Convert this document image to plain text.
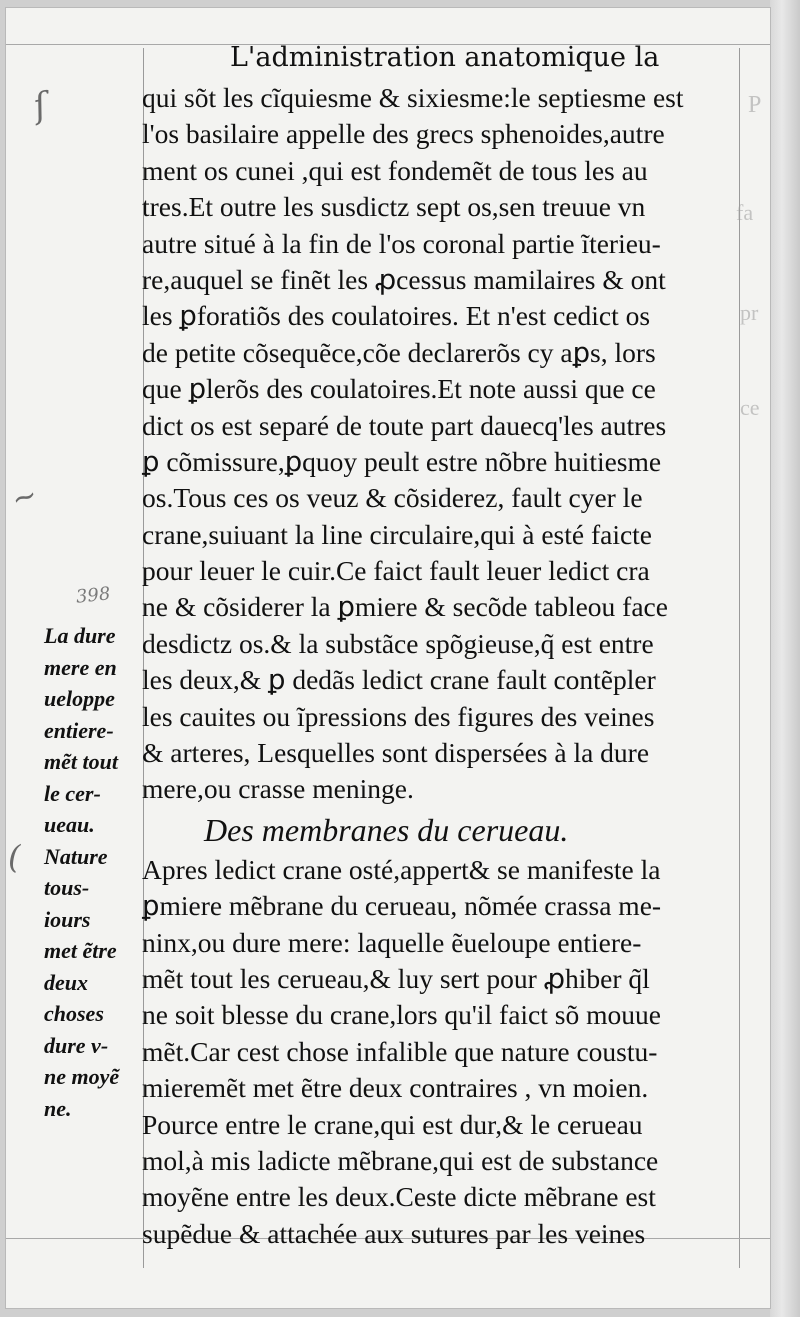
P
fa
pr
ce
ſ
~
(
398
L'administration anatomique la
qui sõt les cĩquiesme & sixiesme:le septiesme est
l'os basilaire appelle des grecs sphenoides,autre
ment os cunei ,qui est fondemẽt de tous les au
tres.Et outre les susdictz sept os,sen treuue vn
autre situé à la fin de l'os coronal partie ĩterieu-
re,auquel se finẽt les ꝓcessus mamilaires & ont
les ꝑforatiõs des coulatoires. Et n'est cedict os
de petite cõsequẽce,cõe declarerõs cy aꝑs, lors
que ꝑlerõs des coulatoires.Et note aussi que ce
dict os est separé de toute part dauecq'les autres
ꝑ cõmissure,ꝑquoy peult estre nõbre huitiesme
os.Tous ces os veuz & cõsiderez, fault cyer le
crane,suiuant la line circulaire,qui à esté faicte
pour leuer le cuir.Ce faict fault leuer ledict cra
ne & cõsiderer la ꝑmiere & secõde tableou face
desdictz os.& la substãce spõgieuse,q̃ est entre
les deux,& ꝑ dedãs ledict crane fault contẽpler
les cauites ou ĩpressions des figures des veines
& arteres, Lesquelles sont dispersées à la dure
mere,ou crasse meninge.
Des membranes du cerueau.
Apres ledict crane osté,appert& se manifeste la
ꝑmiere mẽbrane du cerueau, nõmée crassa me-
ninx,ou dure mere: laquelle ẽueloupe entiere-
mẽt tout les cerueau,& luy sert pour ꝓhiber q̃l
ne soit blesse du crane,lors qu'il faict sõ mouue
mẽt.Car cest chose infalible que nature coustu-
mieremẽt met ẽtre deux contraires , vn moien.
Pource entre le crane,qui est dur,& le cerueau
mol,à mis ladicte mẽbrane,qui est de substance
moyẽne entre les deux.Ceste dicte mẽbrane est
supẽdue & attachée aux sutures par les veines
La dure
mere en
ueloppe
entiere-
mẽt tout
le cer-
ueau.
Nature
tous-
iours
met ẽtre
deux
choses
dure v-
ne moyẽ
ne.
